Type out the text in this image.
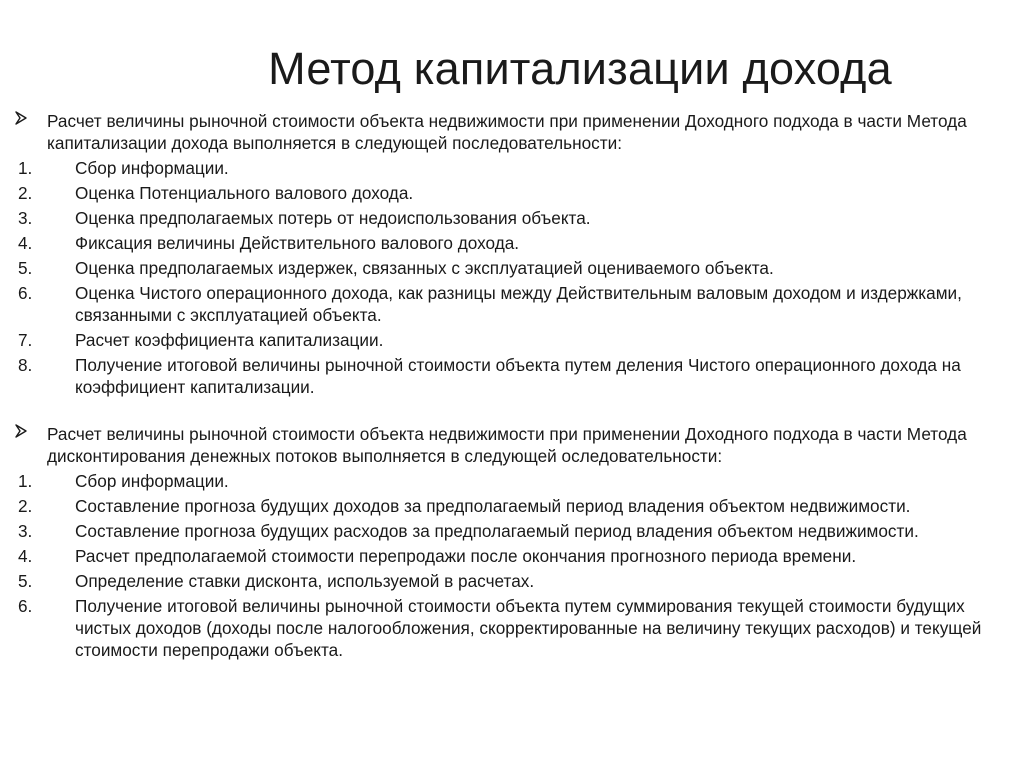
Метод капитализации дохода
Расчет величины рыночной стоимости объекта недвижимости при применении Доходного подхода в части Метода капитализации дохода выполняется в следующей последовательности:
1. Сбор информации.
2. Оценка Потенциального валового дохода.
3. Оценка предполагаемых потерь от недоиспользования объекта.
4. Фиксация величины Действительного валового дохода.
5. Оценка предполагаемых издержек, связанных с эксплуатацией оцениваемого объекта.
6. Оценка Чистого операционного дохода, как разницы между Действительным валовым доходом и издержками, связанными с эксплуатацией объекта.
7. Расчет коэффициента капитализации.
8. Получение итоговой величины рыночной стоимости объекта путем деления Чистого операционного дохода на коэффициент капитализации.
Расчет величины рыночной стоимости объекта недвижимости при применении Доходного подхода в части Метода дисконтирования денежных потоков выполняется в следующей оследовательности:
1. Сбор информации.
2. Составление прогноза будущих доходов за предполагаемый период владения объектом недвижимости.
3. Составление прогноза будущих расходов за предполагаемый период владения объектом недвижимости.
4. Расчет предполагаемой стоимости перепродажи после окончания прогнозного периода времени.
5. Определение ставки дисконта, используемой в расчетах.
6. Получение итоговой величины рыночной стоимости объекта путем суммирования текущей стоимости будущих чистых доходов (доходы после налогообложения, скорректированные на величину текущих расходов) и текущей стоимости перепродажи объекта.
